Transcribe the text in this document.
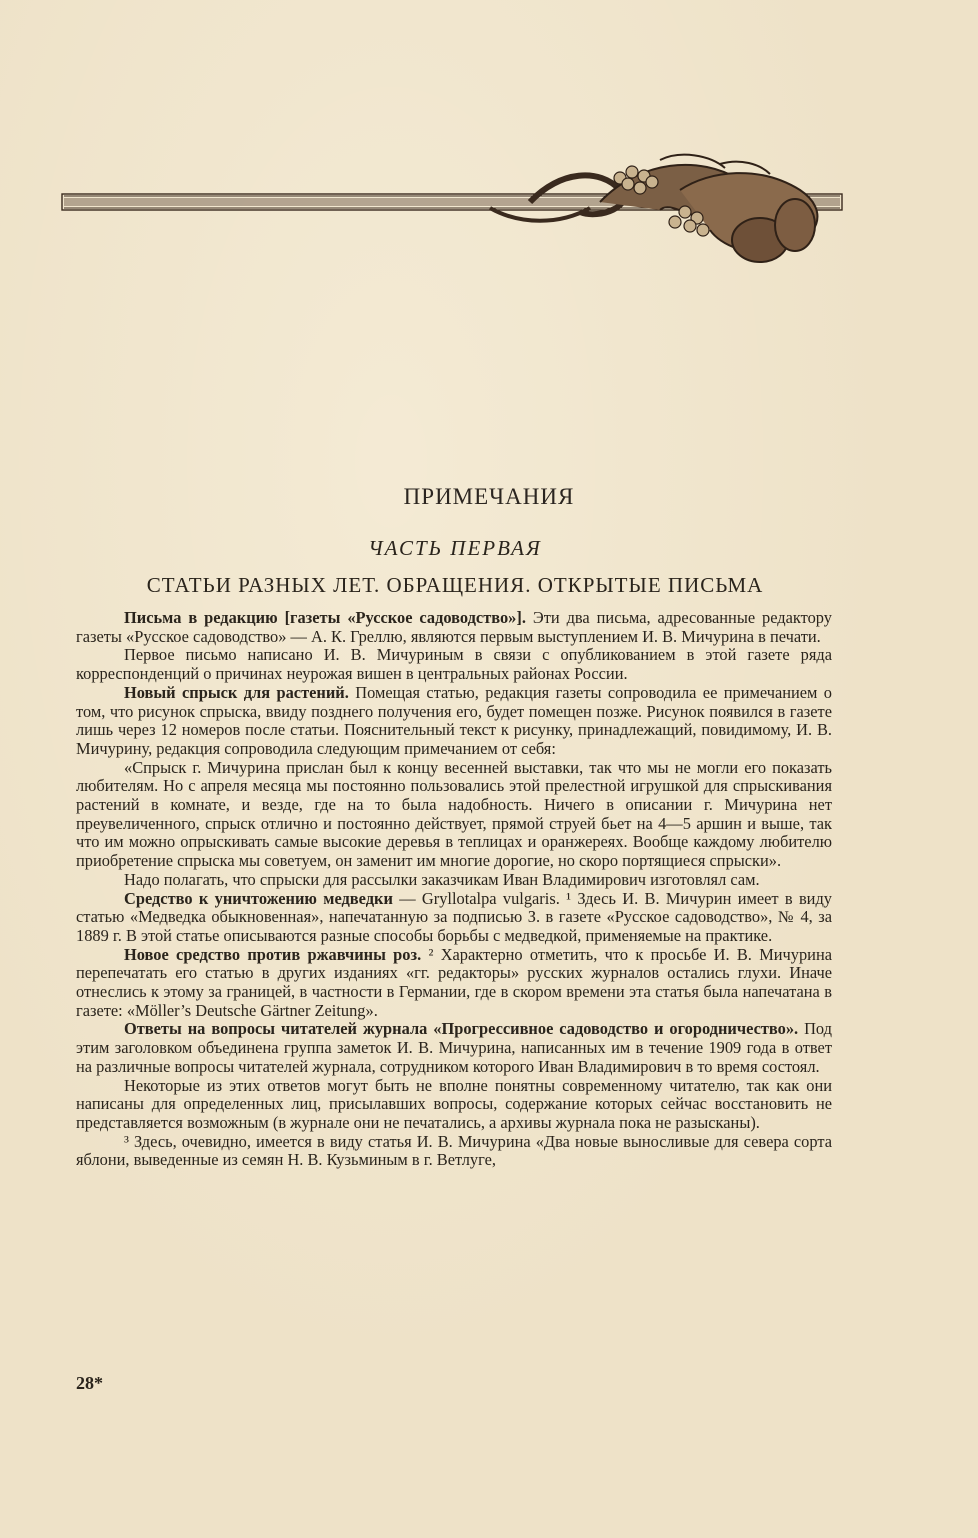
ПРИМЕЧАНИЯ
ЧАСТЬ ПЕРВАЯ
СТАТЬИ РАЗНЫХ ЛЕТ. ОБРАЩЕНИЯ. ОТКРЫТЫЕ ПИСЬМА

Письма в редакцию [газеты «Русское садоводство»]. Эти два письма, адресованные редактору газеты «Русское садоводство» — А. К. Греллю, являются первым выступлением И. В. Мичурина в печати.

Первое письмо написано И. В. Мичуриным в связи с опубликованием в этой газете ряда корреспонденций о причинах неурожая вишен в центральных районах России.

Новый спрыск для растений. Помещая статью, редакция газеты сопроводила ее примечанием о том, что рисунок спрыска, ввиду позднего получения его, будет помещен позже. Рисунок появился в газете лишь через 12 номеров после статьи. Пояснительный текст к рисунку, принадлежащий, повидимому, И. В. Мичурину, редакция сопроводила следующим примечанием от себя:

«Спрыск г. Мичурина прислан был к концу весенней выставки, так что мы не могли его показать любителям. Но с апреля месяца мы постоянно пользовались этой прелестной игрушкой для спрыскивания растений в комнате, и везде, где на то была надобность. Ничего в описании г. Мичурина нет преувеличенного, спрыск отлично и постоянно действует, прямой струей бьет на 4—5 аршин и выше, так что им можно опрыскивать самые высокие деревья в теплицах и оранжереях. Вообще каждому любителю приобретение спрыска мы советуем, он заменит им многие дорогие, но скоро портящиеся спрыски».

Надо полагать, что спрыски для рассылки заказчикам Иван Владимирович изготовлял сам.

Средство к уничтожению медведки — Gryllotalpa vulgaris. ¹ Здесь И. В. Мичурин имеет в виду статью «Медведка обыкновенная», напечатанную за подписью З. в газете «Русское садоводство», № 4, за 1889 г. В этой статье описываются разные способы борьбы с медведкой, применяемые на практике.

Новое средство против ржавчины роз. ² Характерно отметить, что к просьбе И. В. Мичурина перепечатать его статью в других изданиях «гг. редакторы» русских журналов остались глухи. Иначе отнеслись к этому за границей, в частности в Германии, где в скором времени эта статья была напечатана в газете: «Möller’s Deutsche Gärtner Zeitung».

Ответы на вопросы читателей журнала «Прогрессивное садоводство и огородничество». Под этим заголовком объединена группа заметок И. В. Мичурина, написанных им в течение 1909 года в ответ на различные вопросы читателей журнала, сотрудником которого Иван Владимирович в то время состоял.

Некоторые из этих ответов могут быть не вполне понятны современному читателю, так как они написаны для определенных лиц, присылавших вопросы, содержание которых сейчас восстановить не представляется возможным (в журнале они не печатались, а архивы журнала пока не разысканы).

³ Здесь, очевидно, имеется в виду статья И. В. Мичурина «Два новые выносливые для севера сорта яблони, выведенные из семян Н. В. Кузьминым в г. Ветлуге,

28*
